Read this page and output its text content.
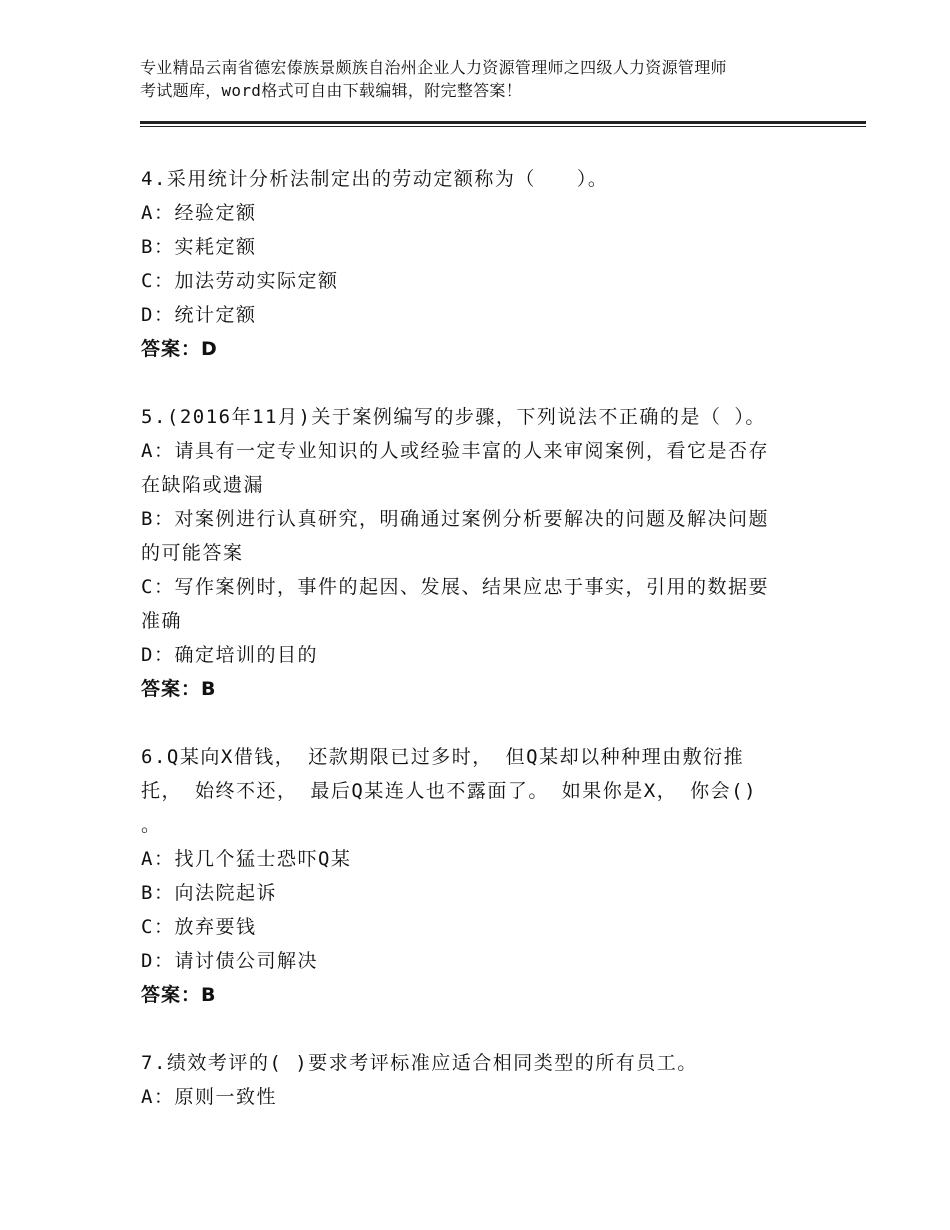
专业精品云南省德宏傣族景颇族自治州企业人力资源管理师之四级人力资源管理师
考试题库，word格式可自由下载编辑，附完整答案！
4.采用统计分析法制定出的劳动定额称为（　　）。
A：经验定额
B：实耗定额
C：加法劳动实际定额
D：统计定额
答案：D
5.(2016年11月)关于案例编写的步骤，下列说法不正确的是（ ）。
A：请具有一定专业知识的人或经验丰富的人来审阅案例，看它是否存
在缺陷或遗漏
B：对案例进行认真研究，明确通过案例分析要解决的问题及解决问题
的可能答案
C：写作案例时，事件的起因、发展、结果应忠于事实，引用的数据要
准确
D：确定培训的目的
答案：B
6.Q某向X借钱， 还款期限已过多时， 但Q某却以种种理由敷衍推
托， 始终不还， 最后Q某连人也不露面了。 如果你是X， 你会()
。
A：找几个猛士恐吓Q某
B：向法院起诉
C：放弃要钱
D：请讨债公司解决
答案：B
7.绩效考评的( )要求考评标准应适合相同类型的所有员工。
A：原则一致性
